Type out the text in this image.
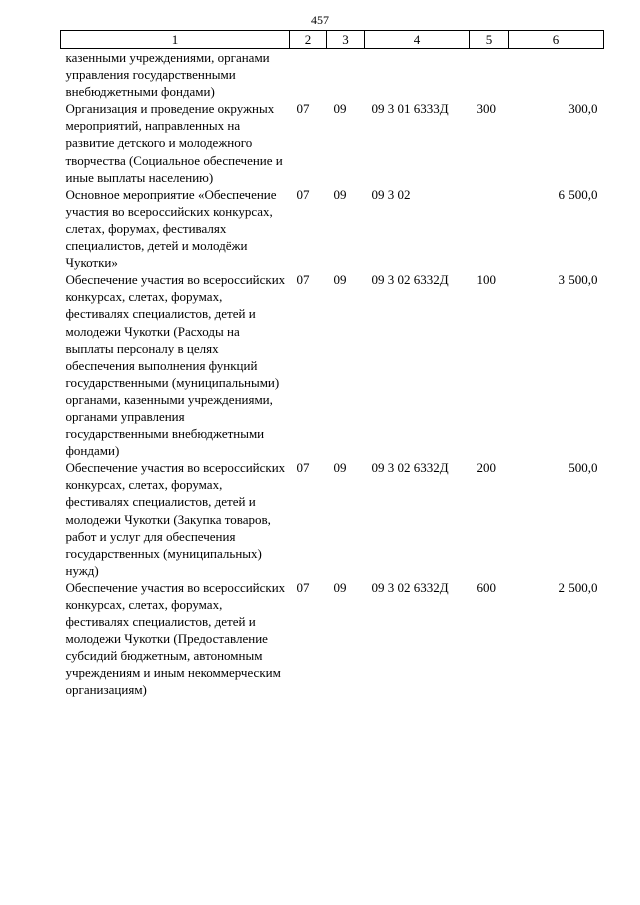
457
1	2	3	4	5	6
казенными учреждениями, органами управления государственными внебюджетными фондами)					
Организация и проведение окружных мероприятий, направленных на развитие детского и молодежного творчества (Социальное обеспечение и иные выплаты населению)	07	09	09 3 01 6333Д	300	300,0
Основное мероприятие «Обеспечение участия во всероссийских конкурсах, слетах, форумах, фестивалях специалистов, детей и молодёжи Чукотки»	07	09	09 3 02		6 500,0
Обеспечение участия во всероссийских конкурсах, слетах, форумах, фестивалях специалистов, детей и молодежи Чукотки (Расходы на выплаты персоналу в целях обеспечения выполнения функций государственными (муниципальными) органами, казенными учреждениями, органами управления государственными внебюджетными фондами)	07	09	09 3 02 6332Д	100	3 500,0
Обеспечение участия во всероссийских конкурсах, слетах, форумах, фестивалях специалистов, детей и молодежи Чукотки (Закупка товаров, работ и услуг для обеспечения государственных (муниципальных) нужд)	07	09	09 3 02 6332Д	200	500,0
Обеспечение участия во всероссийских конкурсах, слетах, форумах, фестивалях специалистов, детей и молодежи Чукотки (Предоставление субсидий бюджетным, автономным учреждениям и иным некоммерческим организациям)	07	09	09 3 02 6332Д	600	2 500,0
